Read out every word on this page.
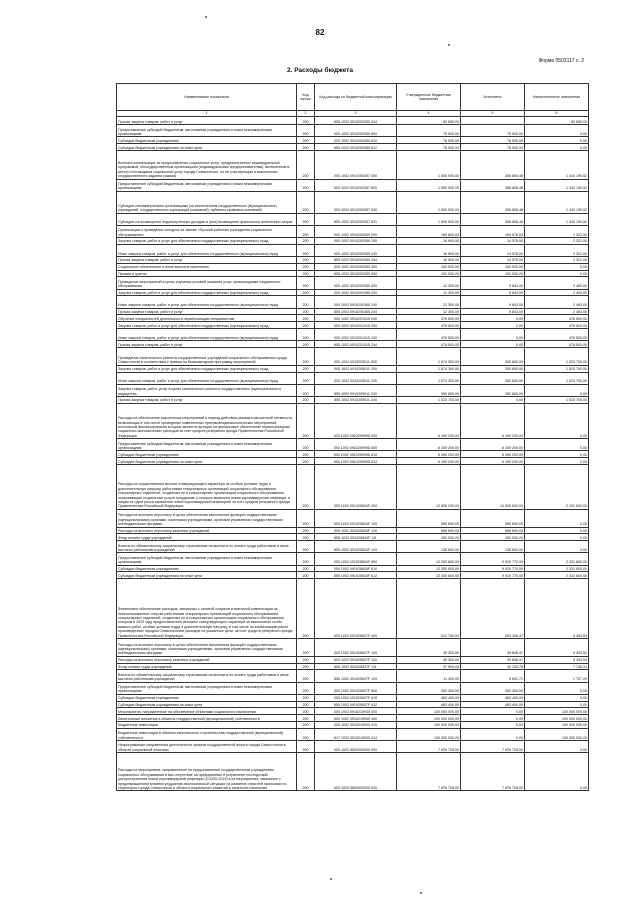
82
Форма 0503117 с. 2
2. Расходы бюджета
Наименование показателя	Код строки	Код расхода по бюджетной классификации	Утвержденные бюджетные назначения	Исполнено	Неисполненные назначения
1	2	3	4	5	6
Прочая закупка товаров, работ и услуг	200	855 1002 0910200350 244	82 650,00		82 650,00
Предоставление субсидий бюджетным, автономным учреждениям и иным некоммерческим организациям	200	000 1002 0910200350 600	76 000,00	76 000,00	0,00
Субсидии бюджетным учреждениям	200	000 1002 0910200350 610	76 000,00	76 000,00	0,00
Субсидии бюджетным учреждениям на иные цели	200	855 1002 0910200350 612	76 000,00	76 000,00	0,00
Выплата компенсации за предоставление социальных услуг, предусмотренных индивидуальной программой, негосударственным организациям (индивидуальным предпринимателям), включенным в реестр поставщиков социальных услуг города Севастополя, но не участвующим в выполнении государственного задания (заказа)	200	000 1002 0910200357 000	1 800 000,00	356 808,48	1 443 190,52
Предоставление субсидий бюджетным, автономным учреждениям и иным некоммерческим организациям	200	000 1002 0910200357 600	1 800 000,00	356 808,48	1 443 190,52
Субсидии некоммерческим организациям (за исключением государственных (муниципальных) учреждений, государственных корпораций (компаний), публично-правовых компаний)	200	000 1002 0910200357 630	1 800 000,00	356 808,48	1 443 190,52
Субсидии на возмещение недополученных доходов и (или) возмещение фактически понесенных затрат	200	855 1002 0910200357 631	1 800 000,00	356 808,48	1 443 190,52
Организация и проведение конкурса на звание «Лучший работник учреждения социального обслуживания»	200	000 1002 0910200359 000	169 800,00	154 578,00	2 321,00
Закупка товаров, работ и услуг для обеспечения государственных (муниципальных) нужд	200	000 1002 0910200359 200	16 900,00	14 578,00	2 321,00
Иные закупки товаров, работ и услуг для обеспечения государственных (муниципальных) нужд	200	000 1002 0910200359 240	16 900,00	14 578,00	2 321,00
Прочая закупка товаров, работ и услуг	200	855 1002 0910200359 244	16 900,00	14 578,00	2 321,00
Социальное обеспечение и иные выплаты населению	200	000 1002 0910200359 300	150 000,00	150 000,00	0,00
Премии и гранты	200	855 1002 0910200359 350	150 000,00	150 000,00	0,00
Проведение мероприятий в целях изучения условий оказания услуг организациями социального обслуживания	200	000 1002 0910200365 000	12 300,00	9 843,00	2 463,00
Закупка товаров, работ и услуг для обеспечения государственных (муниципальных) нужд	200	000 1002 0910200365 200	12 300,00	9 843,00	2 463,00
Иные закупки товаров, работ и услуг для обеспечения государственных (муниципальных) нужд	200	000 1002 0910200365 240	12 300,00	9 843,00	2 463,00
Прочая закупка товаров, работ и услуг	200	855 1002 0910200365 244	12 300,00	9 843,00	2 463,00
Обучение специалистей деятельности неработающим специалистам	200	000 1002 0910201015 000	476 500,00	0,00	476 500,00
Закупка товаров, работ и услуг для обеспечения государственных (муниципальных) нужд	200	000 1002 0910201015 200	476 500,00	0,00	476 500,00
Иные закупки товаров, работ и услуг для обеспечения государственных (муниципальных) нужд	200	000 1002 0910201015 240	476 500,00	0,00	476 500,00
Прочая закупка товаров, работ и услуг	200	855 1002 0910201015 244	476 500,00	0,00	476 500,00
Проведение капитального ремонта государственных учреждений социального обслуживания города Севастополя в соответствии с правом на безвозмездную программу мероприятий	200	000 1002 0910205011 000	1 874 300,00	350 600,00	1 523 700,00
Закупка товаров, работ и услуг для обеспечения государственных (муниципальных) нужд	200	000 1002 0910205011 200	1 874 300,00	350 600,00	1 523 700,00
Иные закупки товаров, работ и услуг для обеспечения государственных (муниципальных) нужд	200	000 1002 0910205011 240	1 874 300,00	350 600,00	1 523 700,00
Закупка товаров, работ, услуг в целях капитального ремонта государственного (муниципального) имущества	200	855 1002 0910205011 243	350 600,00	350 600,00	0,00
Прочая закупка товаров, работ и услуг	200	855 1002 0910205011 244	1 523 700,00	0,00	1 523 700,00
Расходы на обеспечение выполнения мероприятий в период действия режима повышенной готовности, включающих в том числе проведение комплексных противоэпидемиологических мероприятий, источником финансирования которых является дотация на финансовое обеспечение первоочередных социально-экономических расходов за счет средств резервного фонда Правительства Российской Федерации	200	000 1002 091025999D 000	6 169 200,00	6 169 200,00	0,00
Предоставление субсидий бюджетным, автономным учреждениям и иным некоммерческим организациям	200	000 1002 091025999D 600	6 169 200,00	6 169 200,00	0,00
Субсидии бюджетным учреждениям	200	000 1002 091025999D 610	6 169 200,00	6 169 200,00	0,00
Субсидии бюджетным учреждениям на иные цели	200	855 1002 091025999D 612	6 169 200,00	6 169 200,00	0,00
Расходы на осуществление выплат стимулирующего характера за особые условия труда и дополнительную нагрузку работникам стационарных организаций социального обслуживания, стационарных отделений, созданных не в стационарных организациях социального обслуживания, оказывающим социальные услуги гражданам, у которых выявлена новая коронавирусная инфекция, и лицам из групп риска заражения новой коронавирусной инфекцией за счет средств резервного фонда Правительства Российской Федерации	200	000 1002 091025834F 000	12 836 200,00	10 506 600,00	2 331 600,00
Расходы на выплаты персоналу в целях обеспечения выполнения функций государственными (муниципальными) органами, казенными учреждениями, органами управления государственными внебюджетными фондами	200	000 1002 091025834F 100	585 600,00	585 600,00	0,00
Расходы на выплаты персоналу казенных учреждений	200	000 1002 091025834F 110	585 600,00	585 600,00	0,00
Фонд оплаты труда учреждений	200	855 1002 091025834F 111	450 000,00	450 000,00	0,00
Взносы по обязательному социальному страхованию на выплаты по оплате труда работников и иные выплаты работникам учреждений	200	855 1002 091025834F 119	135 600,00	135 600,00	0,00
Предоставление субсидий бюджетным, автономным учреждениям и иным некоммерческим организациям	200	000 1002 091025834F 600	12 250 600,00	9 920 770,00	2 331 600,00
Субсидии бюджетным учреждениям	200	000 1002 091025834F 610	12 250 600,00	9 920 770,00	2 331 600,00
Субсидии бюджетным учреждениям на иные цели	200	855 1002 091025834F 612	12 250 600,00	9 920 770,00	2 331 600,00
Финансовое обеспечение расходов, связанных с оплатой отпусков и выплатой компенсации за неиспользованные отпуска работникам стационарных организаций социального обслуживания, стационарных отделений, созданных не в стационарных организациях социального обслуживания, которым в 2020 году предоставлялись выплаты стимулирующего характера за выполнение особо важных работ, особые условия труда и дополнительную нагрузку, в том числе на компенсацию ранее произведенных городом Севастополем расходов на указанные цели, за счет средств резервного фонда Правительства Российской Федерации	200	000 1002 091025837F 000	512 700,00	503 346,47	9 453,53
Расходы на выплаты персоналу в целях обеспечения выполнения функций государственными (муниципальными) органами, казенными учреждениями, органами управления государственными внебюджетными фондами	200	000 1002 091025837F 100	49 300,00	39 846,47	9 453,53
Расходы на выплаты персоналу казенных учреждений	200	000 1002 091025837F 110	49 300,00	39 846,47	9 453,53
Фонд оплаты труда учреждений	200	855 1002 091025837F 111	37 900,00	30 153,76	7 746,24
Взносы по обязательному социальному страхованию на выплаты по оплате труда работников и иные выплаты работникам учреждений	200	855 1002 091025837F 119	11 400,00	9 692,71	1 707,29
Предоставление субсидий бюджетным, автономным учреждениям и иным некоммерческим организациям	200	000 1002 091025837F 600	463 400,00	463 400,00	0,00
Субсидии бюджетным учреждениям	200	000 1002 091025837F 610	463 400,00	463 400,00	0,00
Субсидии бюджетным учреждениям на иные цели	200	855 1002 091025837F 612	463 400,00	463 400,00	0,00
Мероприятия, направленные на обеспечение объектами социального назначения	200	000 1002 0910219930 000	100 000 000,00	0,00	100 000 000,00
Капитальные вложения в объекты государственной (муниципальной) собственности	200	000 1002 0910219930 400	100 000 000,00	0,00	100 000 000,00
Бюджетные инвестиции	200	000 1002 0910219930 410	100 000 000,00	0,00	100 000 000,00
Бюджетные инвестиции в объекты капитального строительства государственной (муниципальной) собственности	200	817 1002 0910219930 414	100 000 000,00	0,00	100 000 000,00
Непрограммные направления деятельности органов государственной власти города Севастополя в области социальной политики	200	000 1002 9600000000 000	7 629 705,00	7 629 705,00	0,00
Расходы на мероприятия, направленные на предоставление государственным учреждениям социального обслуживания в вах отсутствие на предпринятие и устранение последствий распространения новой коронавирусной инфекции (COVID-2019) в их мероприятия, связанные с предотвращением влияния ухудшения экономической ситуации на развитие отраслей экономики на территории города Севастополя в области социального развития и занятости населения	200	000 1002 9600000000 000	7 629 705,00	7 629 705,00	0,00
